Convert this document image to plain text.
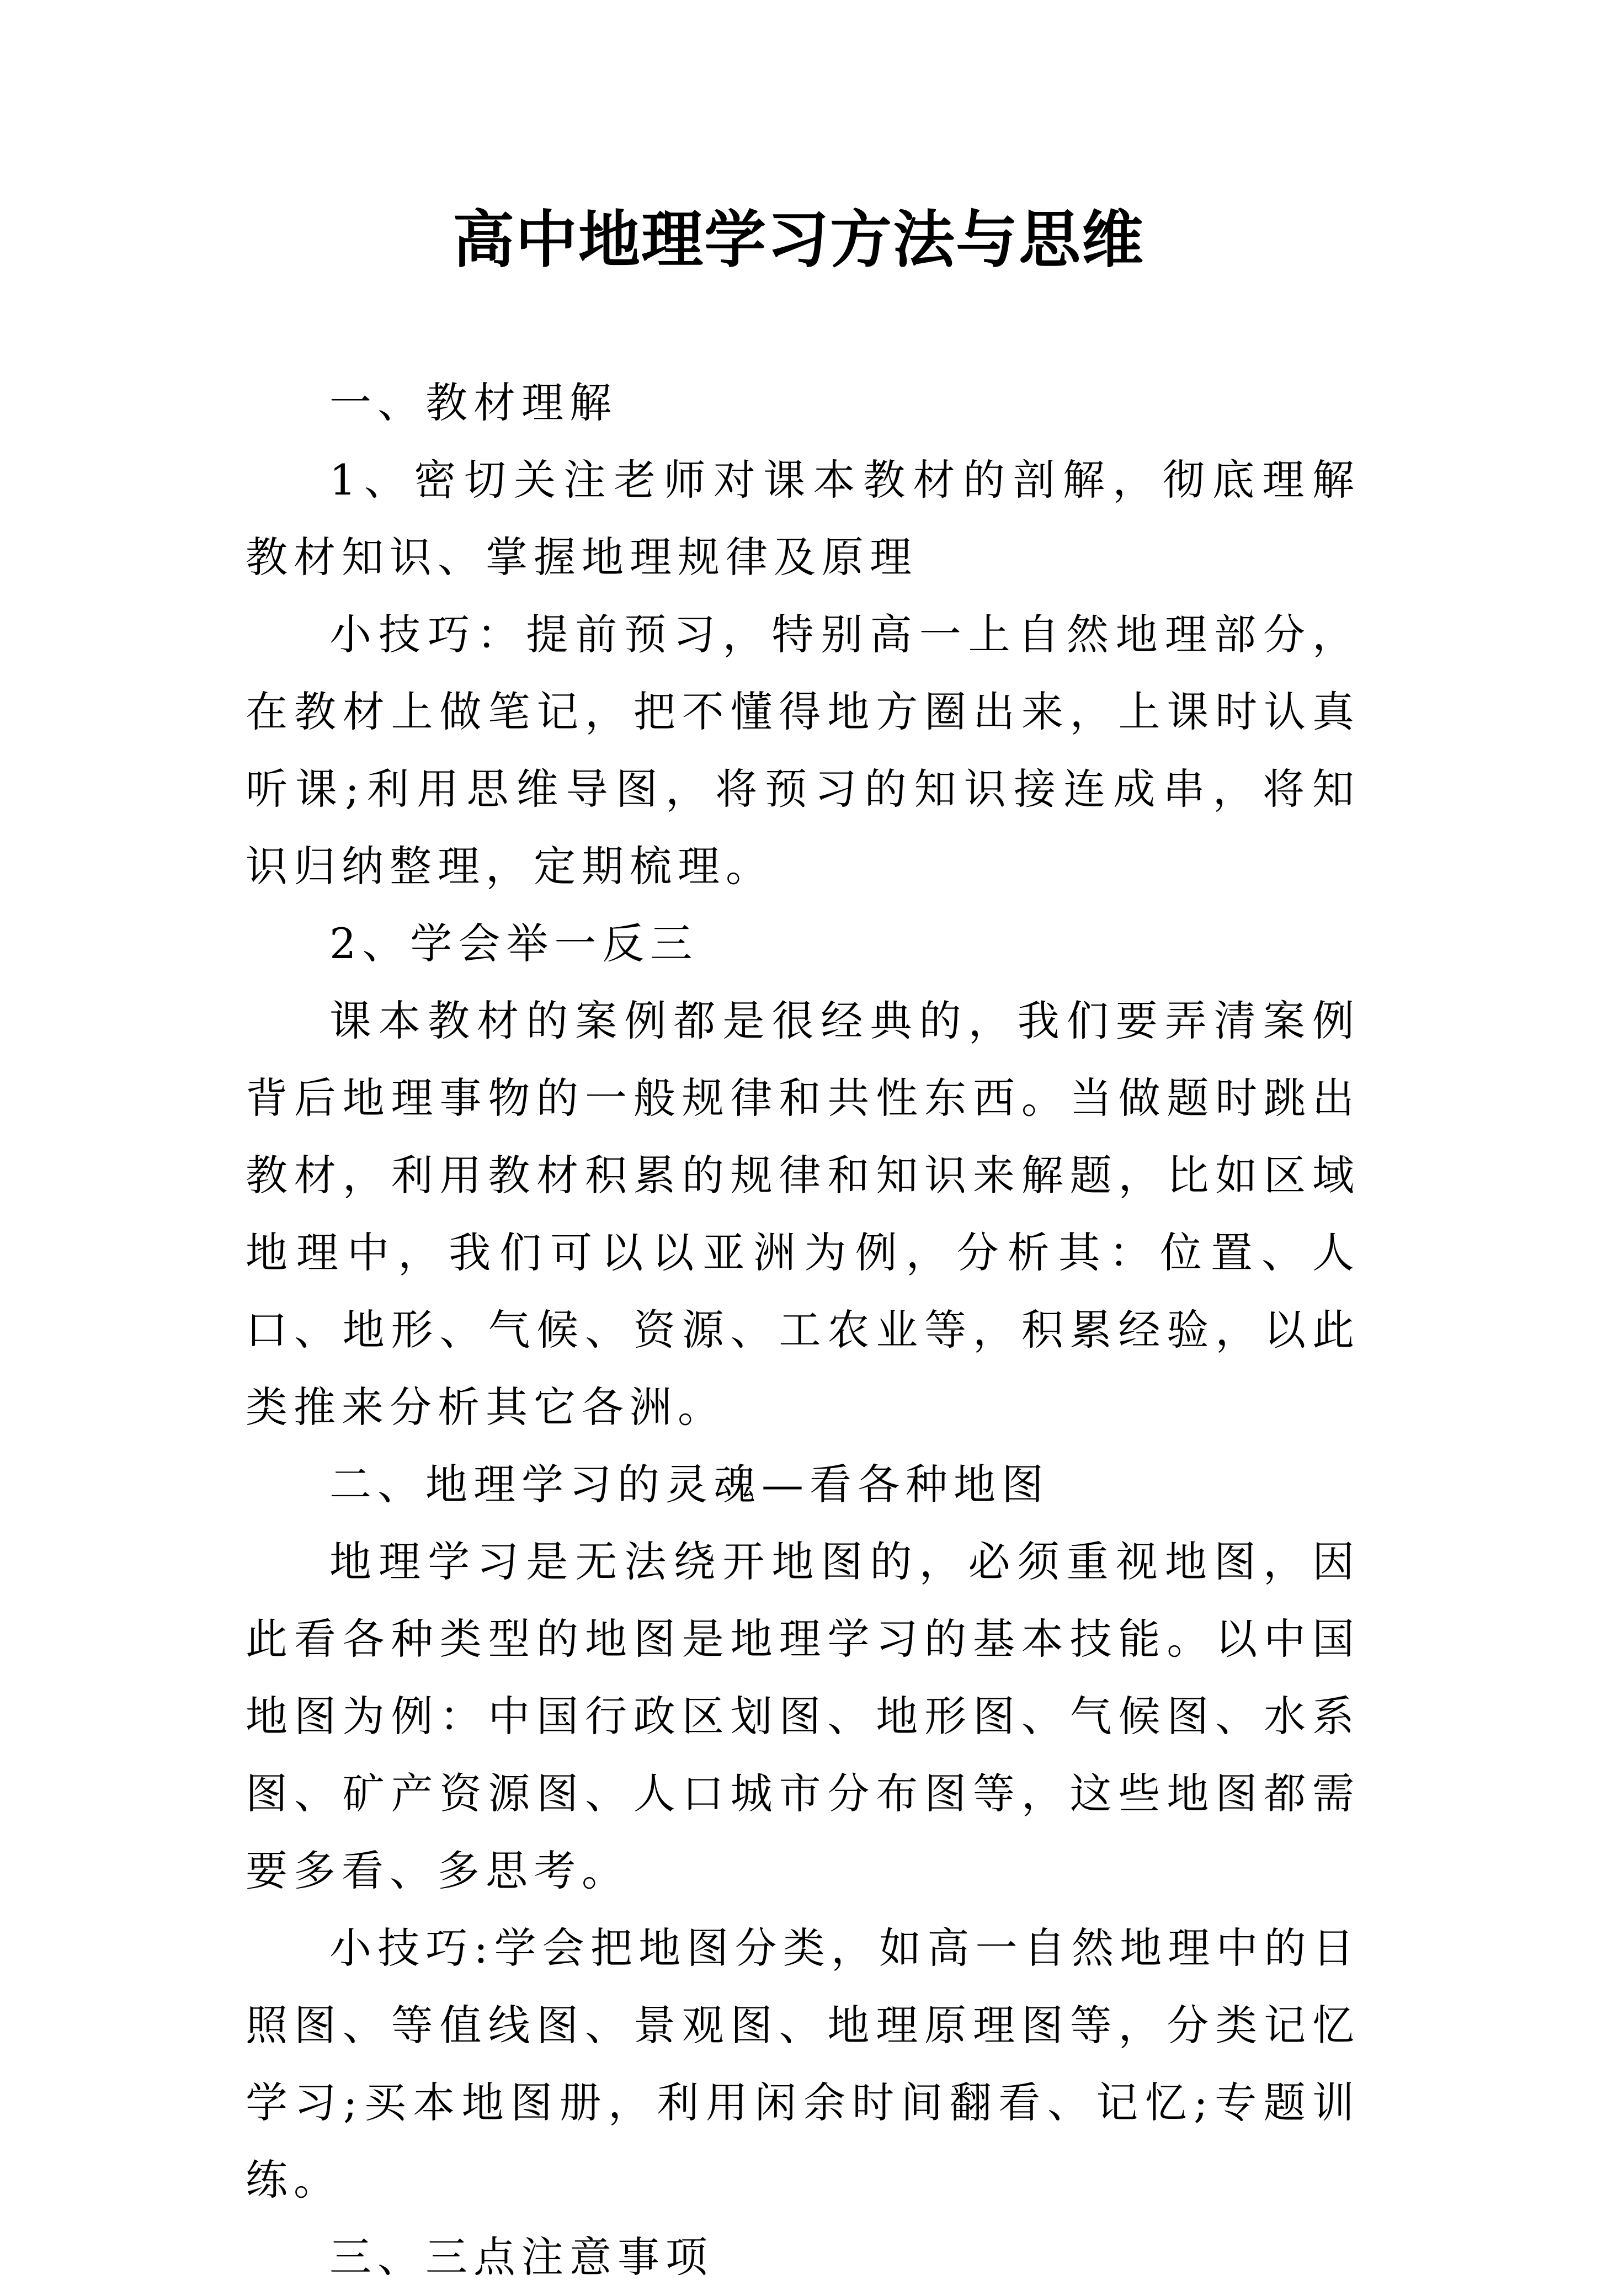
高中地理学习方法与思维

一、教材理解

1、密切关注老师对课本教材的剖解，彻底理解教材知识、掌握地理规律及原理

小技巧：提前预习，特别高一上自然地理部分，在教材上做笔记，把不懂得地方圈出来，上课时认真听课;利用思维导图，将预习的知识接连成串，将知识归纳整理，定期梳理。

2、学会举一反三

课本教材的案例都是很经典的，我们要弄清案例背后地理事物的一般规律和共性东西。当做题时跳出教材，利用教材积累的规律和知识来解题，比如区域地理中，我们可以以亚洲为例，分析其：位置、人口、地形、气候、资源、工农业等，积累经验，以此类推来分析其它各洲。

二、地理学习的灵魂—看各种地图

地理学习是无法绕开地图的，必须重视地图，因此看各种类型的地图是地理学习的基本技能。以中国地图为例：中国行政区划图、地形图、气候图、水系图、矿产资源图、人口城市分布图等，这些地图都需要多看、多思考。

小技巧:学会把地图分类，如高一自然地理中的日照图、等值线图、景观图、地理原理图等，分类记忆学习;买本地图册，利用闲余时间翻看、记忆;专题训练。

三、三点注意事项
